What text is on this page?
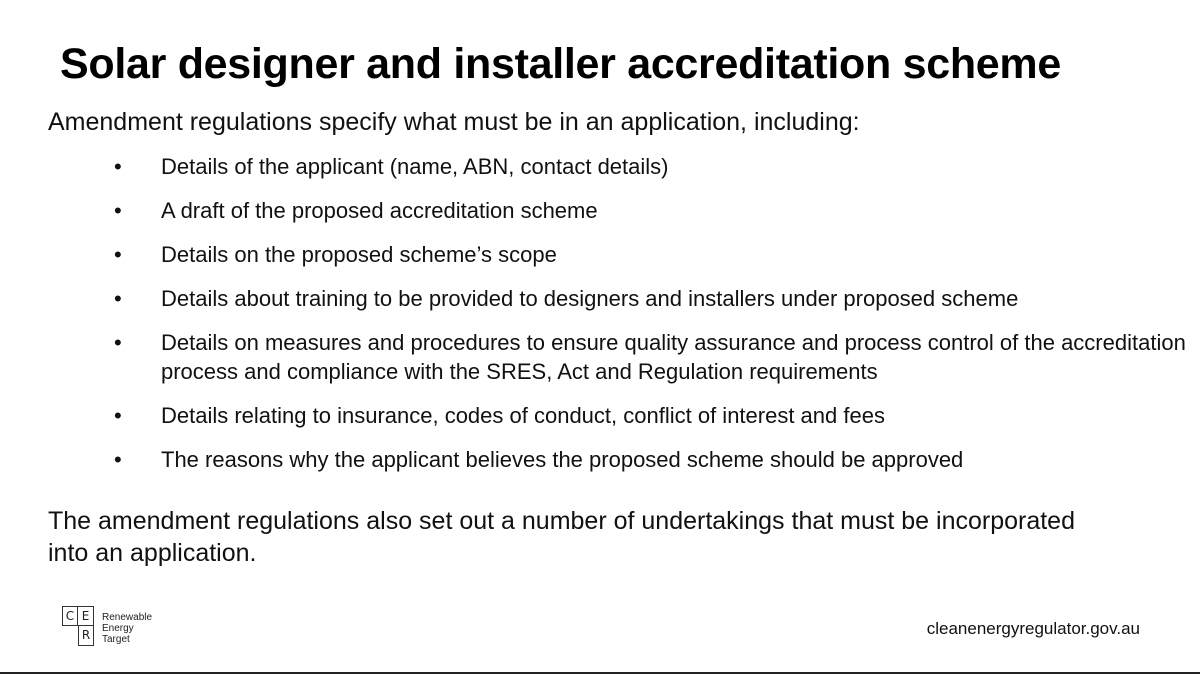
Solar designer and installer accreditation scheme
Amendment regulations specify what must be in an application, including:
• Details of the applicant (name, ABN, contact details)
• A draft of the proposed accreditation scheme
• Details on the proposed scheme’s scope
• Details about training to be provided to designers and installers under proposed scheme
• Details on measures and procedures to ensure quality assurance and process control of the accreditation process and compliance with the SRES, Act and Regulation requirements
• Details relating to insurance, codes of conduct, conflict of interest and fees
• The reasons why the applicant believes the proposed scheme should be approved
The amendment regulations also set out a number of undertakings that must be incorporated into an application.
C E
R
Renewable
Energy
Target
cleanenergyregulator.gov.au
